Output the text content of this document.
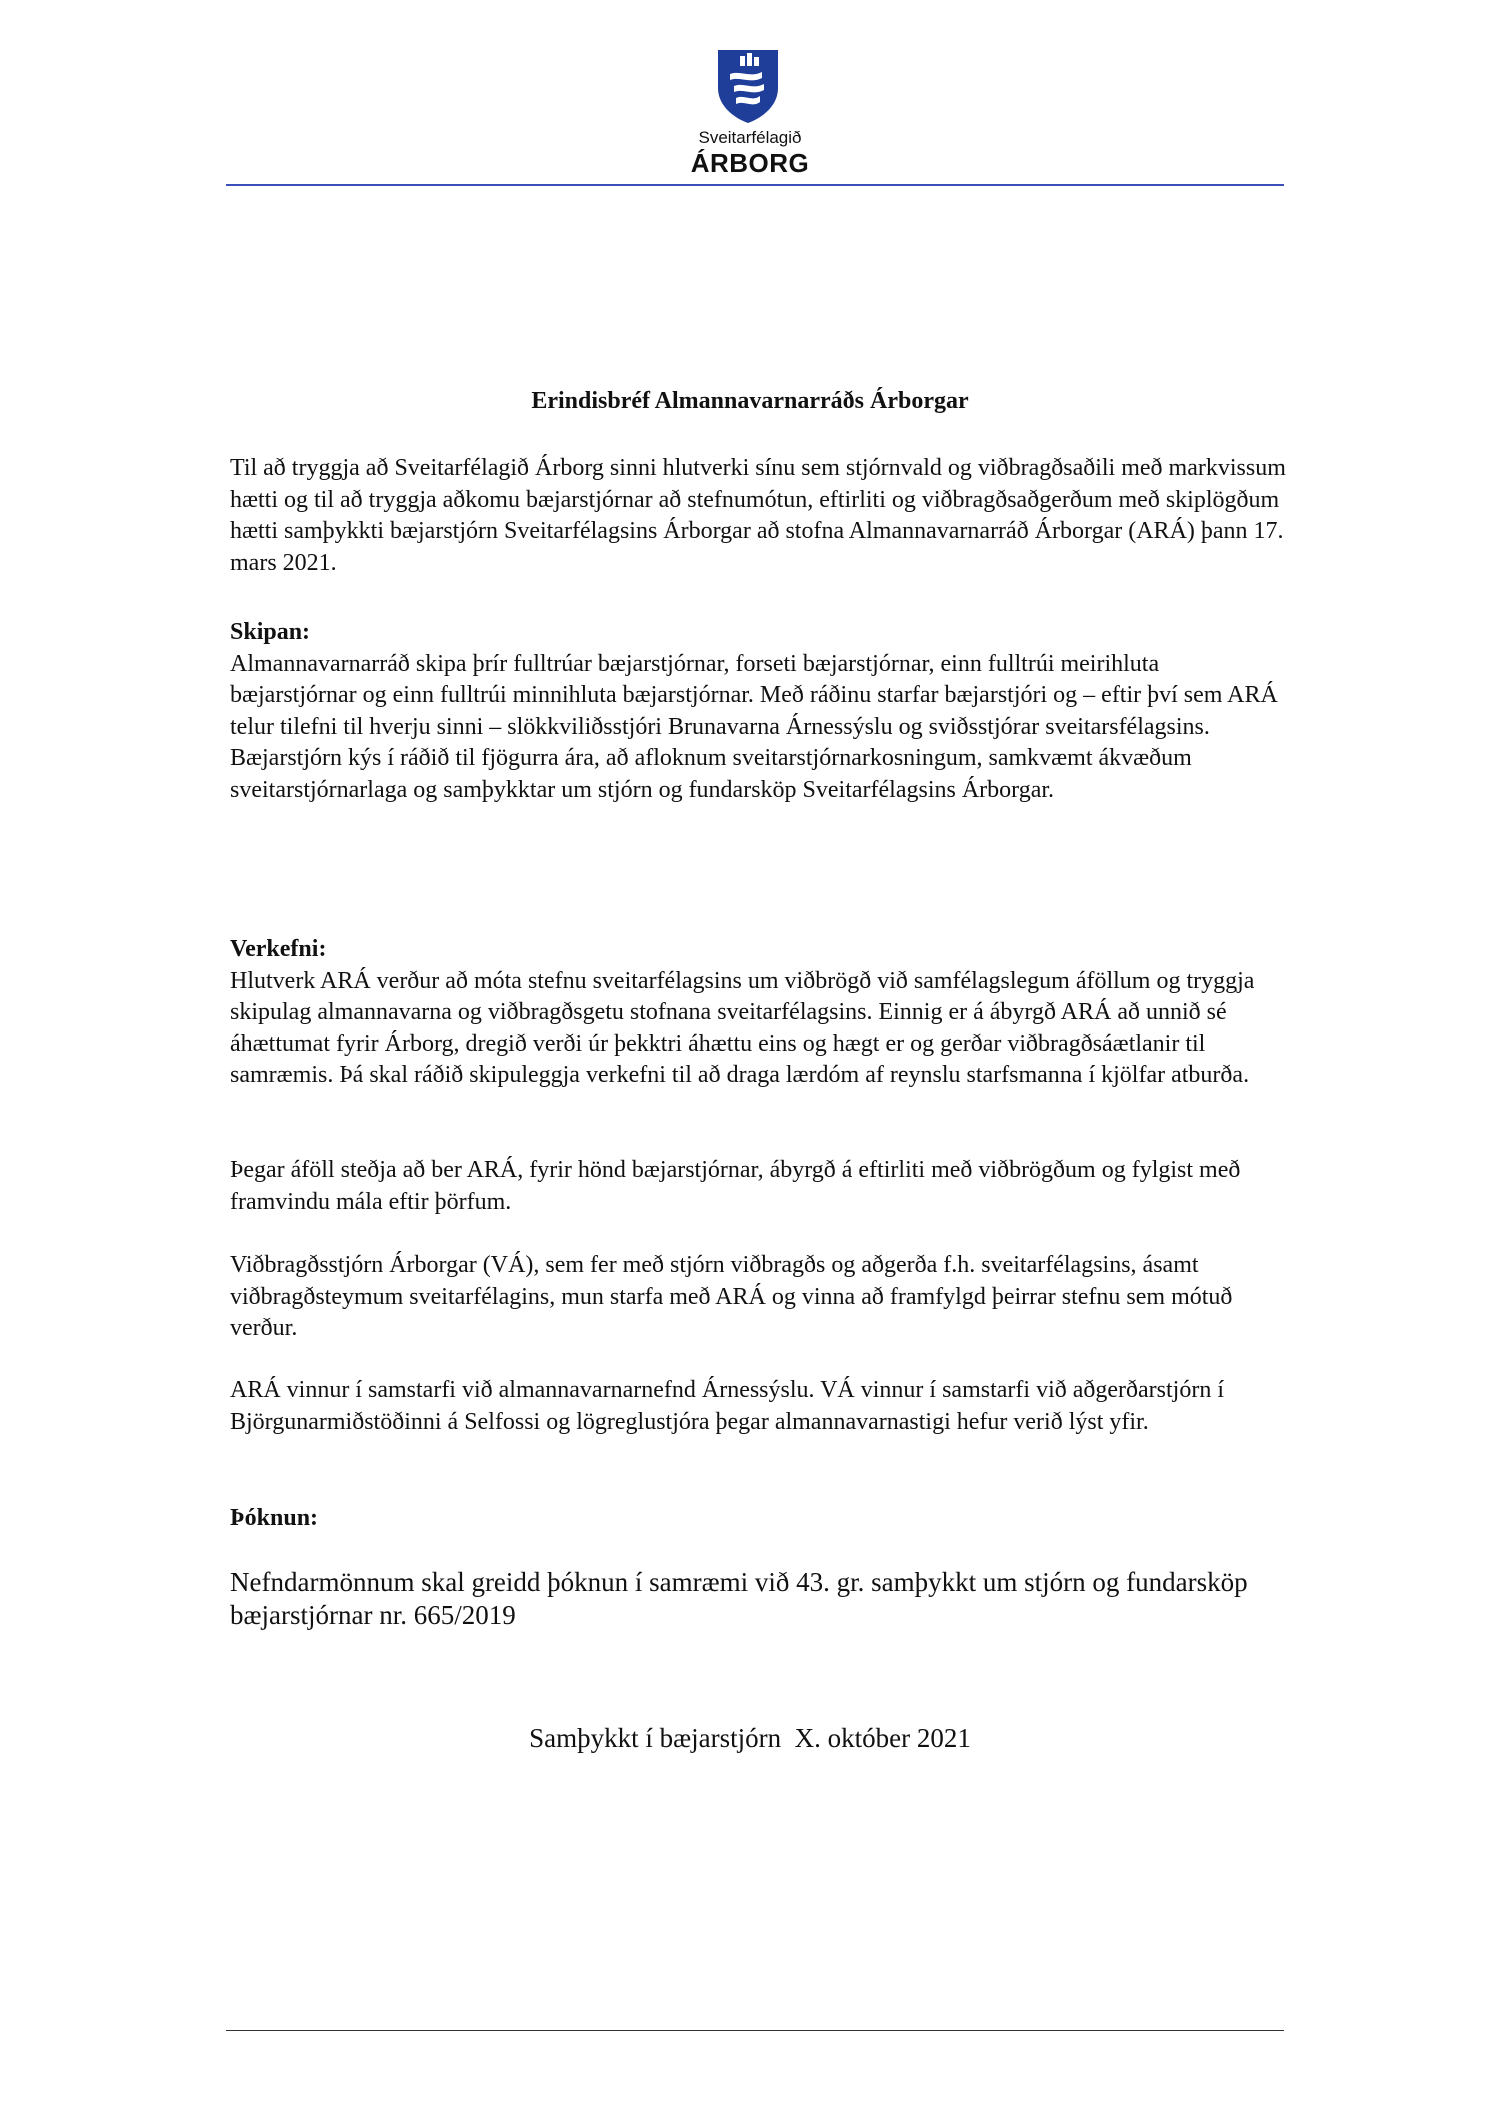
Sveitarfélagið
ÁRBORG
Erindisbréf Almannavarnarráðs Árborgar

Til að tryggja að Sveitarfélagið Árborg sinni hlutverki sínu sem stjórnvald og viðbragðsaðili með markvissum hætti og til að tryggja aðkomu bæjarstjórnar að stefnumótun, eftirliti og viðbragðsaðgerðum með skiplögðum hætti samþykkti bæjarstjórn Sveitarfélagsins Árborgar að stofna Almannavarnarráð Árborgar (ARÁ) þann 17. mars 2021.

Skipan:

Almannavarnarráð skipa þrír fulltrúar bæjarstjórnar, forseti bæjarstjórnar, einn fulltrúi meirihluta bæjarstjórnar og einn fulltrúi minnihluta bæjarstjórnar. Með ráðinu starfar bæjarstjóri og – eftir því sem ARÁ telur tilefni til hverju sinni – slökkviliðsstjóri Brunavarna Árnessýslu og sviðsstjórar sveitarsfélagsins. Bæjarstjórn kýs í ráðið til fjögurra ára, að afloknum sveitarstjórnarkosningum, samkvæmt ákvæðum sveitarstjórnarlaga og samþykktar um stjórn og fundarsköp Sveitarfélagsins Árborgar.

Verkefni:

Hlutverk ARÁ verður að móta stefnu sveitarfélagsins um viðbrögð við samfélagslegum áföllum og tryggja skipulag almannavarna og viðbragðsgetu stofnana sveitarfélagsins. Einnig er á ábyrgð ARÁ að unnið sé áhættumat fyrir Árborg, dregið verði úr þekktri áhættu eins og hægt er og gerðar viðbragðsáætlanir til samræmis. Þá skal ráðið skipuleggja verkefni til að draga lærdóm af reynslu starfsmanna í kjölfar atburða.

Þegar áföll steðja að ber ARÁ, fyrir hönd bæjarstjórnar, ábyrgð á eftirliti með viðbrögðum og fylgist með framvindu mála eftir þörfum.

Viðbragðsstjórn Árborgar (VÁ), sem fer með stjórn viðbragðs og aðgerða f.h. sveitarfélagsins, ásamt viðbragðsteymum sveitarfélagins, mun starfa með ARÁ og vinna að framfylgd þeirrar stefnu sem mótuð verður.

ARÁ vinnur í samstarfi við almannavarnarnefnd Árnessýslu. VÁ vinnur í samstarfi við aðgerðarstjórn í Björgunarmiðstöðinni á Selfossi og lögreglustjóra þegar almannavarnastigi hefur verið lýst yfir.

Þóknun:

Nefndarmönnum skal greidd þóknun í samræmi við 43. gr. samþykkt um stjórn og fundarsköp bæjarstjórnar nr. 665/2019

Samþykkt í bæjarstjórn  X. október 2021
